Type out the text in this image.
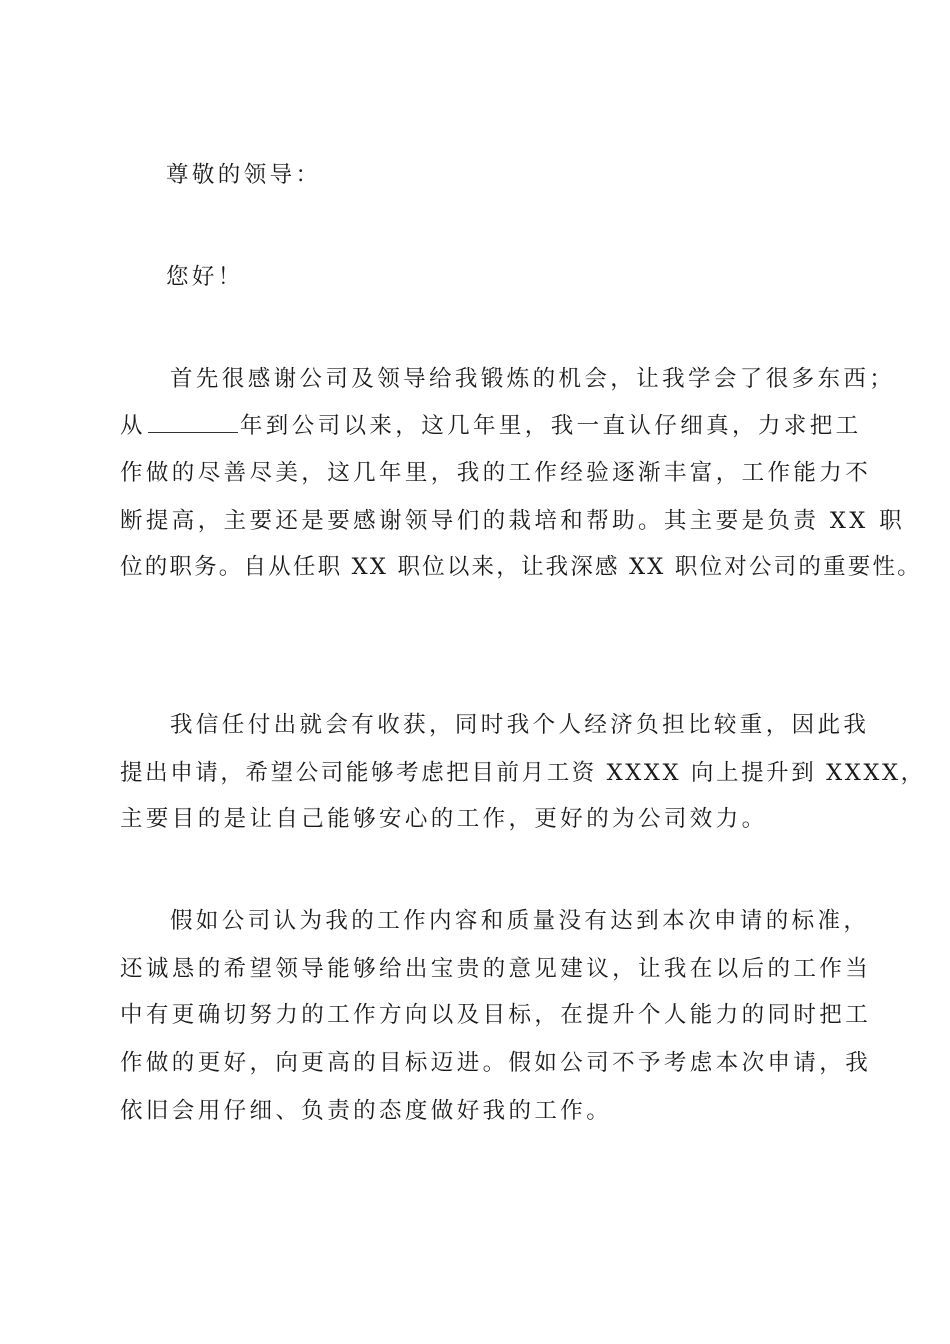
尊敬的领导：
您好！
首先很感谢公司及领导给我锻炼的机会，让我学会了很多东西；
从	年到公司以来，这几年里，我一直认仔细真，力求把工
作做的尽善尽美，这几年里，我的工作经验逐渐丰富，工作能力不
断提高，主要还是要感谢领导们的栽培和帮助。其主要是负责 XX 职
位的职务。自从任职 XX 职位以来，让我深感 XX 职位对公司的重要性。
我信任付出就会有收获，同时我个人经济负担比较重，因此我
提出申请，希望公司能够考虑把目前月工资 XXXX 向上提升到 XXXX，
主要目的是让自己能够安心的工作，更好的为公司效力。
假如公司认为我的工作内容和质量没有达到本次申请的标准，
还诚恳的希望领导能够给出宝贵的意见建议，让我在以后的工作当
中有更确切努力的工作方向以及目标，在提升个人能力的同时把工
作做的更好，向更高的目标迈进。假如公司不予考虑本次申请，我
依旧会用仔细、负责的态度做好我的工作。
